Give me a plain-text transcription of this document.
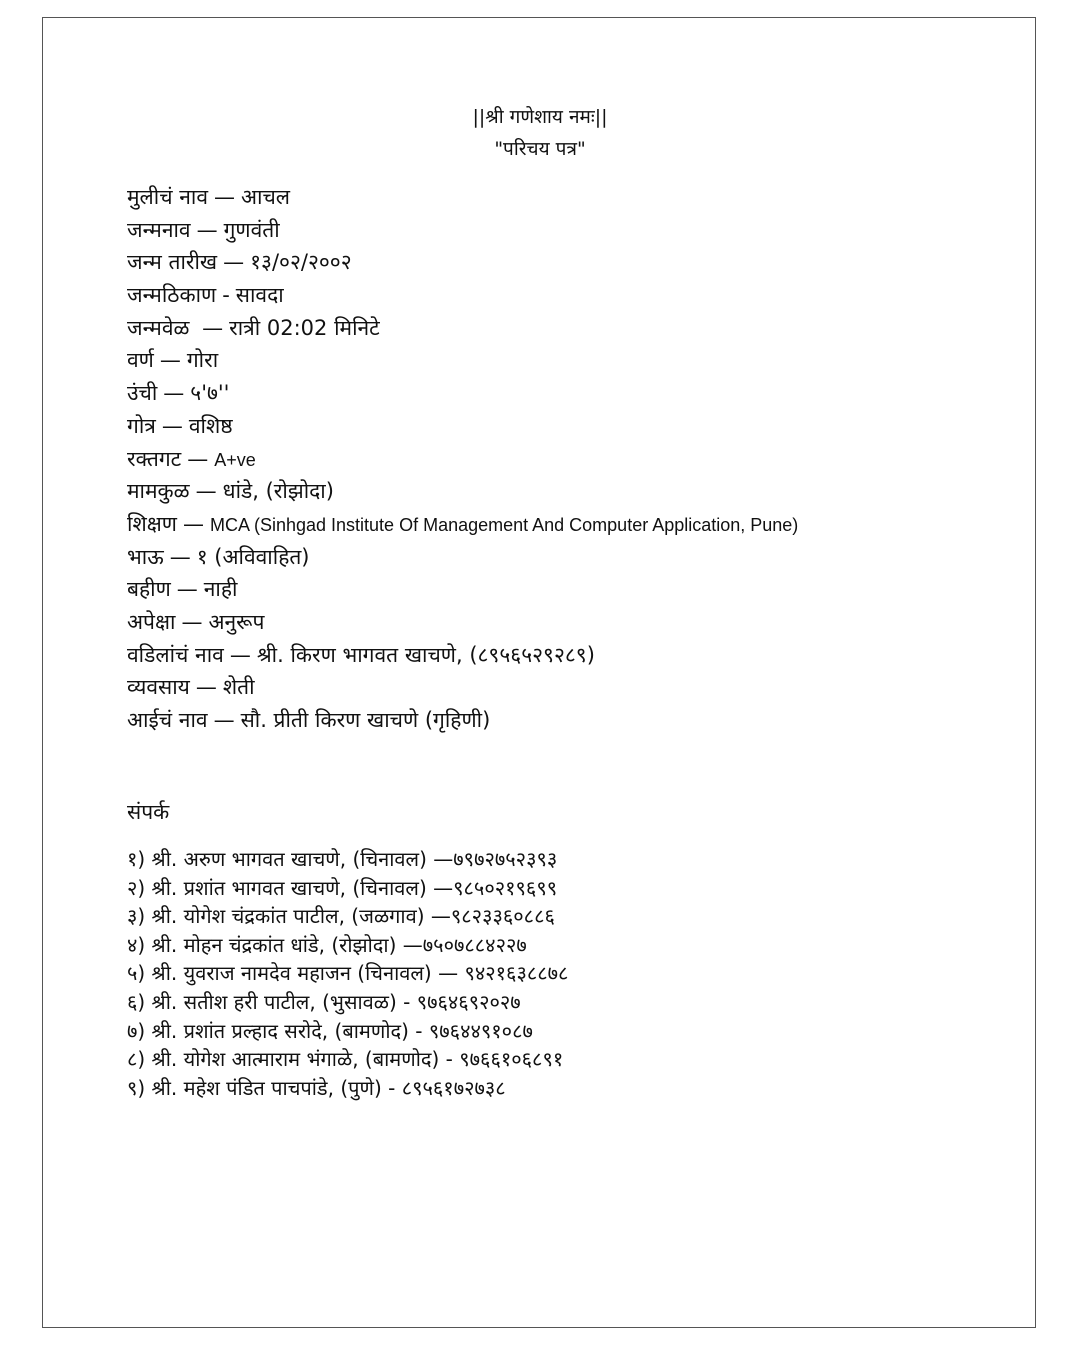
||श्री गणेशाय नमः||
"परिचय पत्र"
मुलीचं नाव — आचल
जन्मनाव — गुणवंती
जन्म तारीख — १३/०२/२००२
जन्मठिकाण - सावदा
जन्मवेळ — रात्री 02:02 मिनिटे
वर्ण — गोरा
उंची — ५'७''
गोत्र — वशिष्ठ
रक्तगट — A+ve
मामकुळ — धांडे, (रोझोदा)
शिक्षण — MCA (Sinhgad Institute Of Management And Computer Application, Pune)
भाऊ — १ (अविवाहित)
बहीण — नाही
अपेक्षा — अनुरूप
वडिलांचं नाव — श्री. किरण भागवत खाचणे, (८९५६५२९२८९)
व्यवसाय — शेती
आईचं नाव — सौ. प्रीती किरण खाचणे (गृहिणी)
संपर्क
१) श्री. अरुण भागवत खाचणे, (चिनावल) —७९७२७५२३९३
२) श्री. प्रशांत भागवत खाचणे, (चिनावल) —९८५०२१९६९९
३) श्री. योगेश चंद्रकांत पाटील, (जळगाव) —९८२३३६०८८६
४) श्री. मोहन चंद्रकांत धांडे, (रोझोदा) —७५०७८८४२२७
५) श्री. युवराज नामदेव महाजन (चिनावल) — ९४२१६३८८७८
६) श्री. सतीश हरी पाटील, (भुसावळ) - ९७६४६९२०२७
७) श्री. प्रशांत प्रल्हाद सरोदे, (बामणोद) - ९७६४४९१०८७
८) श्री. योगेश आत्माराम भंगाळे, (बामणोद) - ९७६६१०६८९१
९) श्री. महेश पंडित पाचपांडे, (पुणे) - ८९५६१७२७३८
